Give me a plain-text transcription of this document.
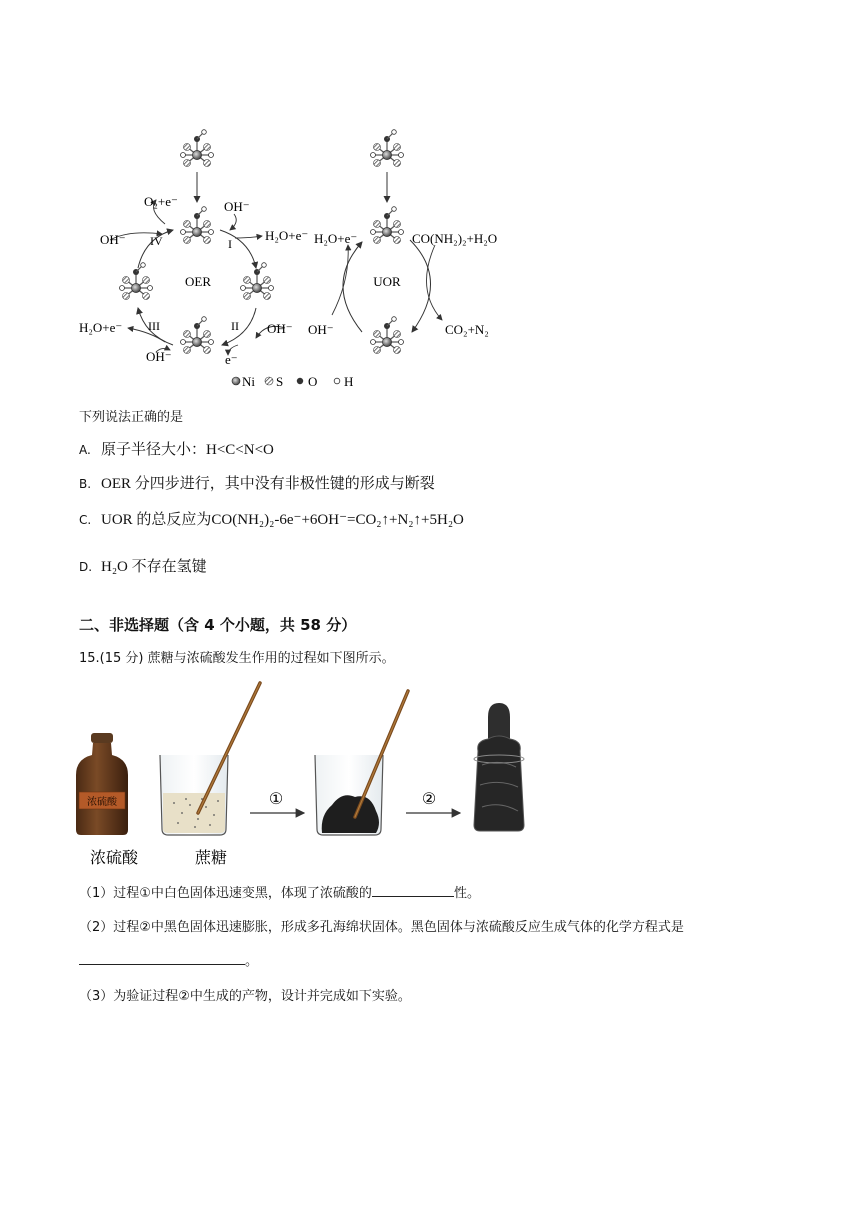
OER
I
II
III
IV
O₂+e⁻	OH⁻
H₂O+e⁻
OH⁻
H₂O+e⁻	OH⁻
e⁻
OH⁻
UOR
H₂O+e⁻	CO(NH₂)₂+H₂O
OH⁻	CO₂+N₂
Ni S O H
下列说法正确的是
A. 原子半径大小：H<C<N<O
B. OER 分四步进行，其中没有非极性键的形成与断裂
C. UOR 的总反应为CO(NH₂)₂-6e⁻+6OH⁻=CO₂↑+N₂↑+5H₂O
D. H₂O 不存在氢键
二、非选择题（含 4 个小题，共 58 分）
15.(15 分) 蔗糖与浓硫酸发生作用的过程如下图所示。
浓硫酸	①	②
浓硫酸	蔗糖
（1）过程①中白色固体迅速变黑，体现了浓硫酸的	性。
（2）过程②中黑色固体迅速膨胀，形成多孔海绵状固体。黑色固体与浓硫酸反应生成气体的化学方程式是
。
（3）为验证过程②中生成的产物，设计并完成如下实验。
